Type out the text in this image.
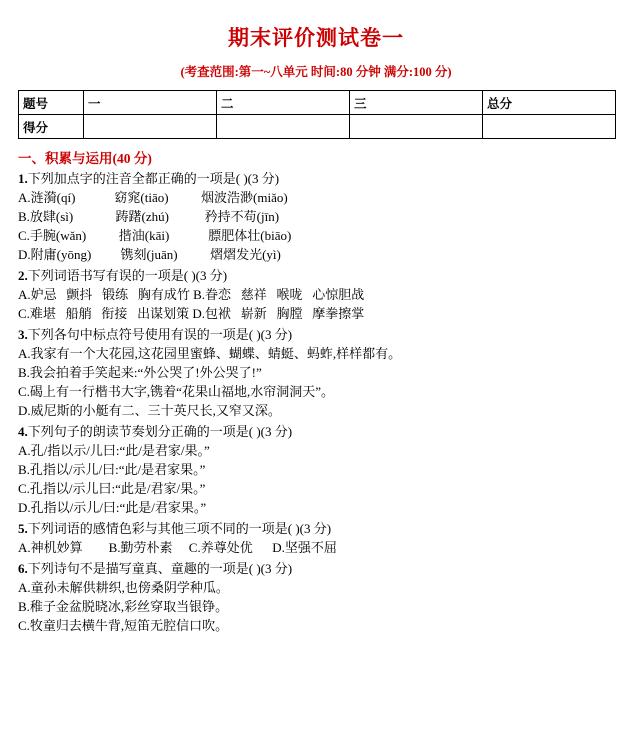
期末评价测试卷一
(考查范围:第一~八单元 时间:80 分钟 满分:100 分)
题号	一	二	三	总分
得分				
一、积累与运用(40 分)
1.下列加点字的注音全都正确的一项是( )(3 分)
A.涟漪(qí)            窈窕(tiāo)          烟波浩渺(miǎo)
B.放肆(sì)             踌躇(zhú)           矜持不苟(jīn)
C.手腕(wǎn)          揩油(kāi)            膘肥体壮(biāo)
D.附庸(yōng)         镌刻(juān)          熠熠发光(yì)
2.下列词语书写有误的一项是( )(3 分)
A.妒忌   颤抖   锻练   胸有成竹 B.眷恋   慈祥   喉咙   心惊胆战
C.难堪   船艄   衔接   出谋划策 D.包袱   崭新   胸膛   摩拳擦掌
3.下列各句中标点符号使用有误的一项是( )(3 分)
A.我家有一个大花园,这花园里蜜蜂、蝴蝶、蜻蜓、蚂蚱,样样都有。
B.我会拍着手笑起来:“外公哭了!外公哭了!”
C.碣上有一行楷书大字,镌着“花果山福地,水帘洞洞天”。
D.威尼斯的小艇有二、三十英尺长,又窄又深。
4.下列句子的朗读节奏划分正确的一项是( )(3 分)
A.孔/指以示/儿曰:“此/是君家/果。”
B.孔指以/示儿/曰:“此/是君家果。”
C.孔指以/示儿曰:“此是/君家/果。”
D.孔指以/示儿/曰:“此是/君家果。”
5.下列词语的感情色彩与其他三项不同的一项是( )(3 分)
A.神机妙算        B.勤劳朴素     C.养尊处优      D.坚强不屈
6.下列诗句不是描写童真、童趣的一项是( )(3 分)
A.童孙未解供耕织,也傍桑阴学种瓜。
B.稚子金盆脱晓冰,彩丝穿取当银铮。
C.牧童归去横牛背,短笛无腔信口吹。
